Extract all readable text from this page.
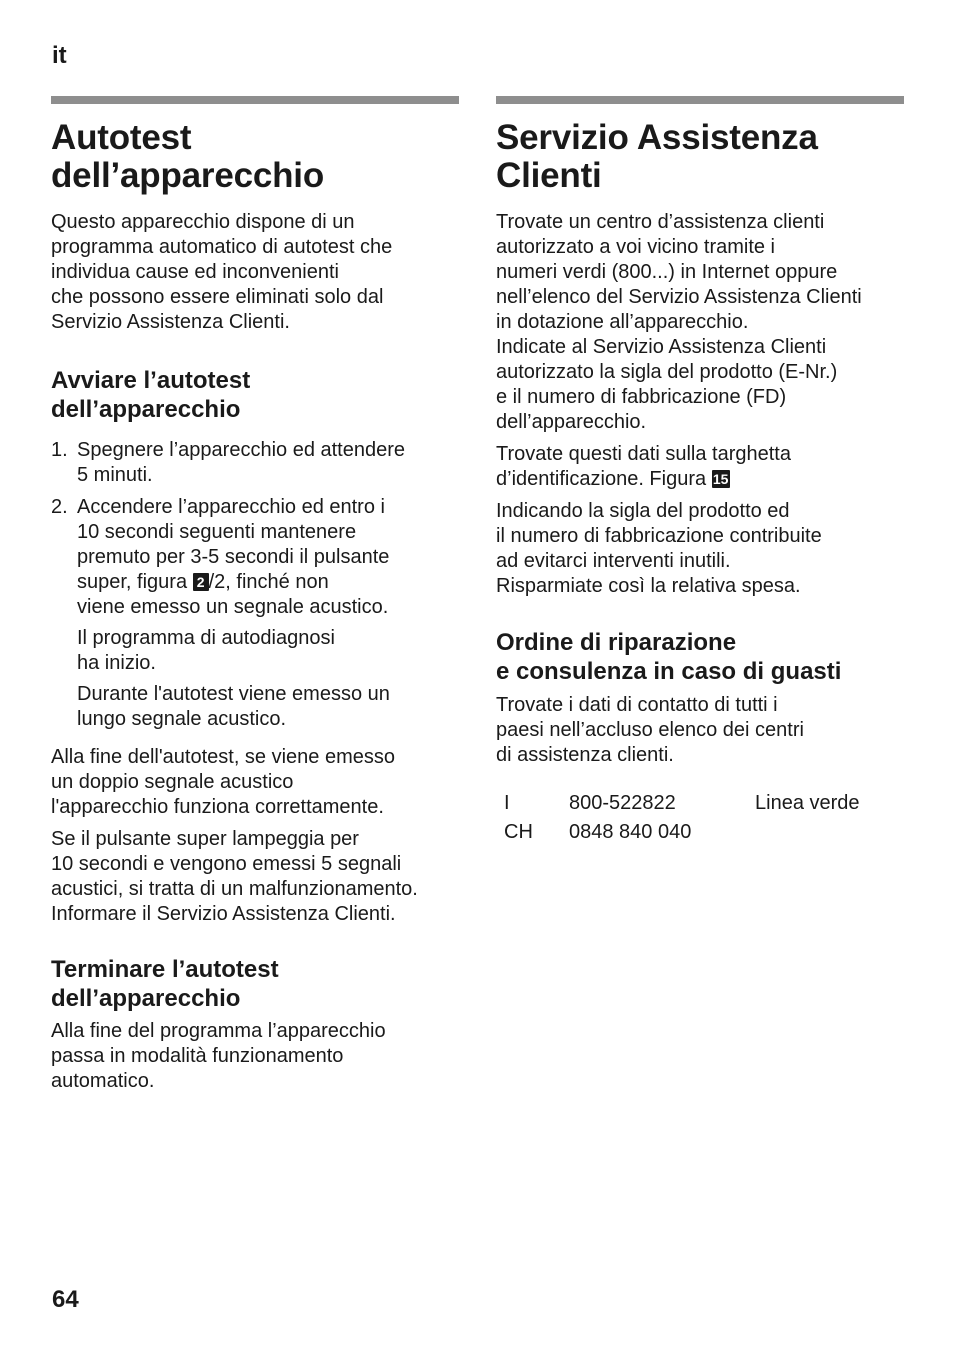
it
Autotest
dell’apparecchio

Questo apparecchio dispone di un
programma automatico di autotest che
individua cause ed inconvenienti
che possono essere eliminati solo dal
Servizio Assistenza Clienti.

Avviare l’autotest
dell’apparecchio
1. Spegnere l’apparecchio ed attendere
5 minuti.
2. Accendere l’apparecchio ed entro i
10 secondi seguenti mantenere
premuto per 3-5 secondi il pulsante
super, figura 2 /2, finché non
viene emesso un segnale acustico.

Il programma di autodiagnosi
ha inizio.

Durante l'autotest viene emesso un
lungo segnale acustico.

Alla fine dell'autotest, se viene emesso
un doppio segnale acustico
l'apparecchio funziona correttamente.

Se il pulsante super lampeggia per
10 secondi e vengono emessi 5 segnali
acustici, si tratta di un malfunzionamento.
Informare il Servizio Assistenza Clienti.

Terminare l’autotest
dell’apparecchio

Alla fine del programma l’apparecchio
passa in modalità funzionamento
automatico.

Servizio Assistenza
Clienti

Trovate un centro d’assistenza clienti
autorizzato a voi vicino tramite i
numeri verdi (800...) in Internet oppure
nell’elenco del Servizio Assistenza Clienti
in dotazione all’apparecchio.
Indicate al Servizio Assistenza Clienti
autorizzato la sigla del prodotto (E-Nr.)
e il numero di fabbricazione (FD)
dell’apparecchio.

Trovate questi dati sulla targhetta
d’identificazione. Figura 15

Indicando la sigla del prodotto ed
il numero di fabbricazione contribuite
ad evitarci interventi inutili.
Risparmiate così la relativa spesa.

Ordine di riparazione
e consulenza in caso di guasti

Trovate i dati di contatto di tutti i
paesi nell’accluso elenco dei centri
di assistenza clienti.

I	800-522822	Linea verde
CH	0848 840 040	
64
